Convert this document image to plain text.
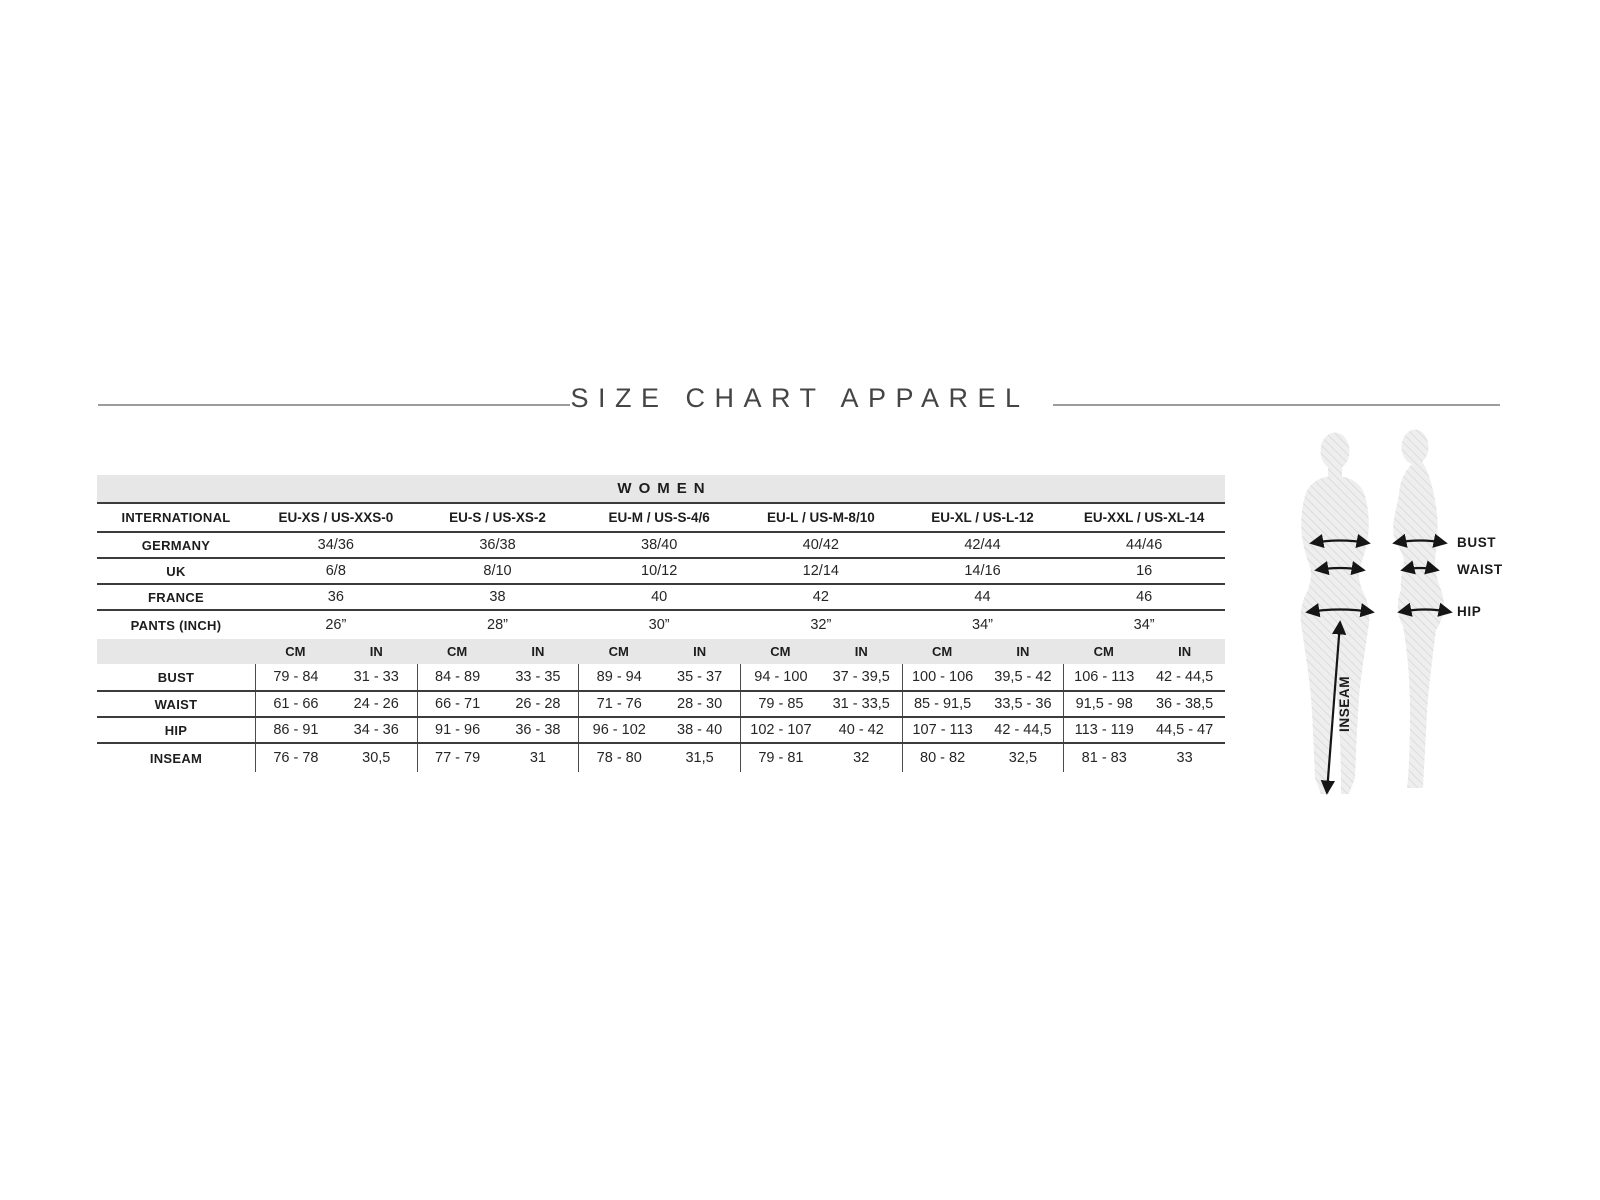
SIZE CHART APPAREL
WOMEN
INTERNATIONAL	EU-XS / US-XXS-0	EU-S / US-XS-2	EU-M / US-S-4/6	EU-L / US-M-8/10	EU-XL / US-L-12	EU-XXL / US-XL-14
GERMANY	34/36	36/38	38/40	40/42	42/44	44/46
UK	6/8	8/10	10/12	12/14	14/16	16
FRANCE	36	38	40	42	44	46
PANTS (INCH)	26”	28”	30”	32”	34”	34”
CM	IN	CM	IN	CM	IN	CM	IN	CM	IN	CM	IN
BUST	79 - 84	31 - 33	84 - 89	33 - 35	89 - 94	35 - 37	94 - 100	37 - 39,5	100 - 106	39,5 - 42	106 - 113	42 - 44,5
WAIST	61 - 66	24 - 26	66 - 71	26 - 28	71 - 76	28 - 30	79 - 85	31 - 33,5	85 - 91,5	33,5 - 36	91,5 - 98	36 - 38,5
HIP	86 - 91	34 - 36	91 - 96	36 - 38	96 - 102	38 - 40	102 - 107	40 - 42	107 - 113	42 - 44,5	113 - 119	44,5 - 47
INSEAM	76 - 78	30,5	77 - 79	31	78 - 80	31,5	79 - 81	32	80 - 82	32,5	81 - 83	33
BUST
WAIST
HIP
INSEAM
